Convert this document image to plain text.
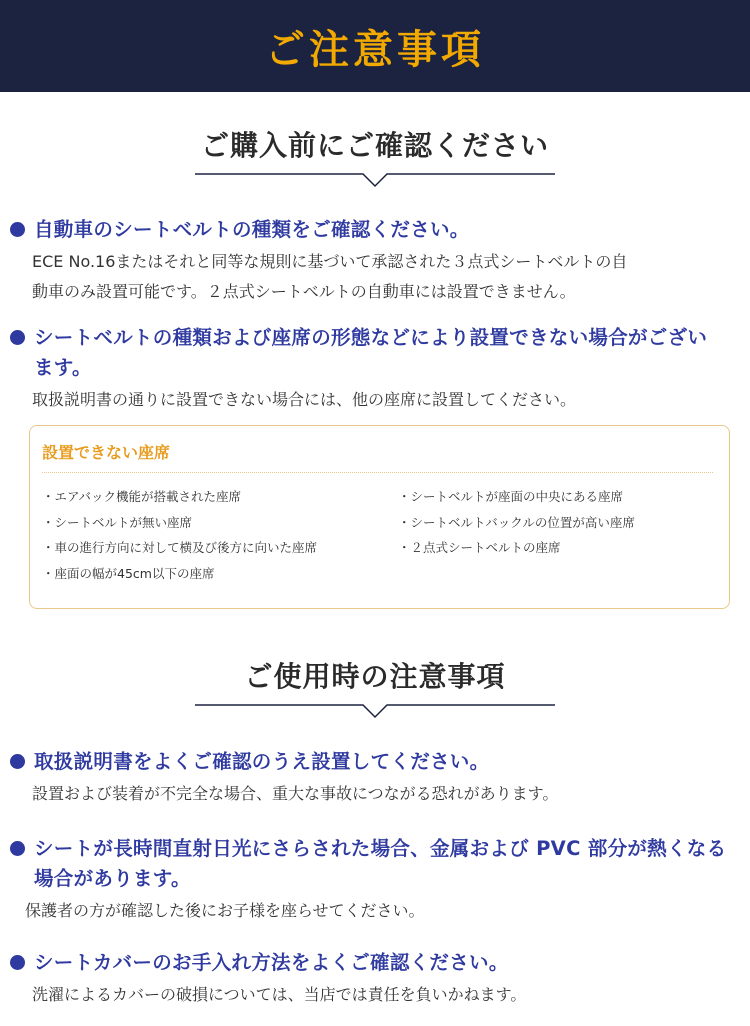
ご注意事項
ご購入前にご確認ください
自動車のシートベルトの種類をご確認ください。
ECE No.16またはそれと同等な規則に基づいて承認された３点式シートベルトの自
動車のみ設置可能です。２点式シートベルトの自動車には設置できません。
シートベルトの種類および座席の形態などにより設置できない場合がござい
ます。
取扱説明書の通りに設置できない場合には、他の座席に設置してください。
設置できない座席
・エアバック機能が搭載された座席
・シートベルトが無い座席
・車の進行方向に対して横及び後方に向いた座席
・座面の幅が45cm以下の座席
・シートベルトが座面の中央にある座席
・シートベルトバックルの位置が高い座席
・２点式シートベルトの座席
ご使用時の注意事項
取扱説明書をよくご確認のうえ設置してください。
設置および装着が不完全な場合、重大な事故につながる恐れがあります。
シートが長時間直射日光にさらされた場合、金属および PVC 部分が熱くなる
場合があります。
保護者の方が確認した後にお子様を座らせてください。
シートカバーのお手入れ方法をよくご確認ください。
洗濯によるカバーの破損については、当店では責任を負いかねます。
